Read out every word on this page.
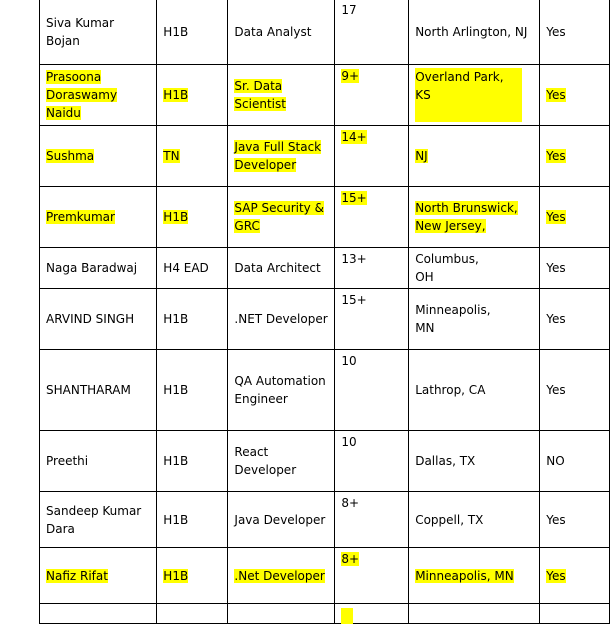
Siva Kumar Bojan	H1B	Data Analyst	17	North Arlington, NJ	Yes
Prasoona Doraswamy Naidu	H1B	Sr. Data Scientist	9+	Overland Park, KS	Yes
Sushma	TN	Java Full Stack Developer	14+	NJ	Yes
Premkumar	H1B	SAP Security & GRC	15+	North Brunswick, New Jersey,	Yes
Naga Baradwaj	H4 EAD	Data Architect	13+	Columbus, OH	Yes
ARVIND SINGH	H1B	.NET Developer	15+	Minneapolis, MN	Yes
SHANTHARAM	H1B	QA Automation Engineer	10	Lathrop, CA	Yes
Preethi	H1B	React Developer	10	Dallas, TX	NO
Sandeep Kumar Dara	H1B	Java Developer	8+	Coppell, TX	Yes
Nafiz Rifat	H1B	.Net Developer	8+	Minneapolis, MN	Yes
